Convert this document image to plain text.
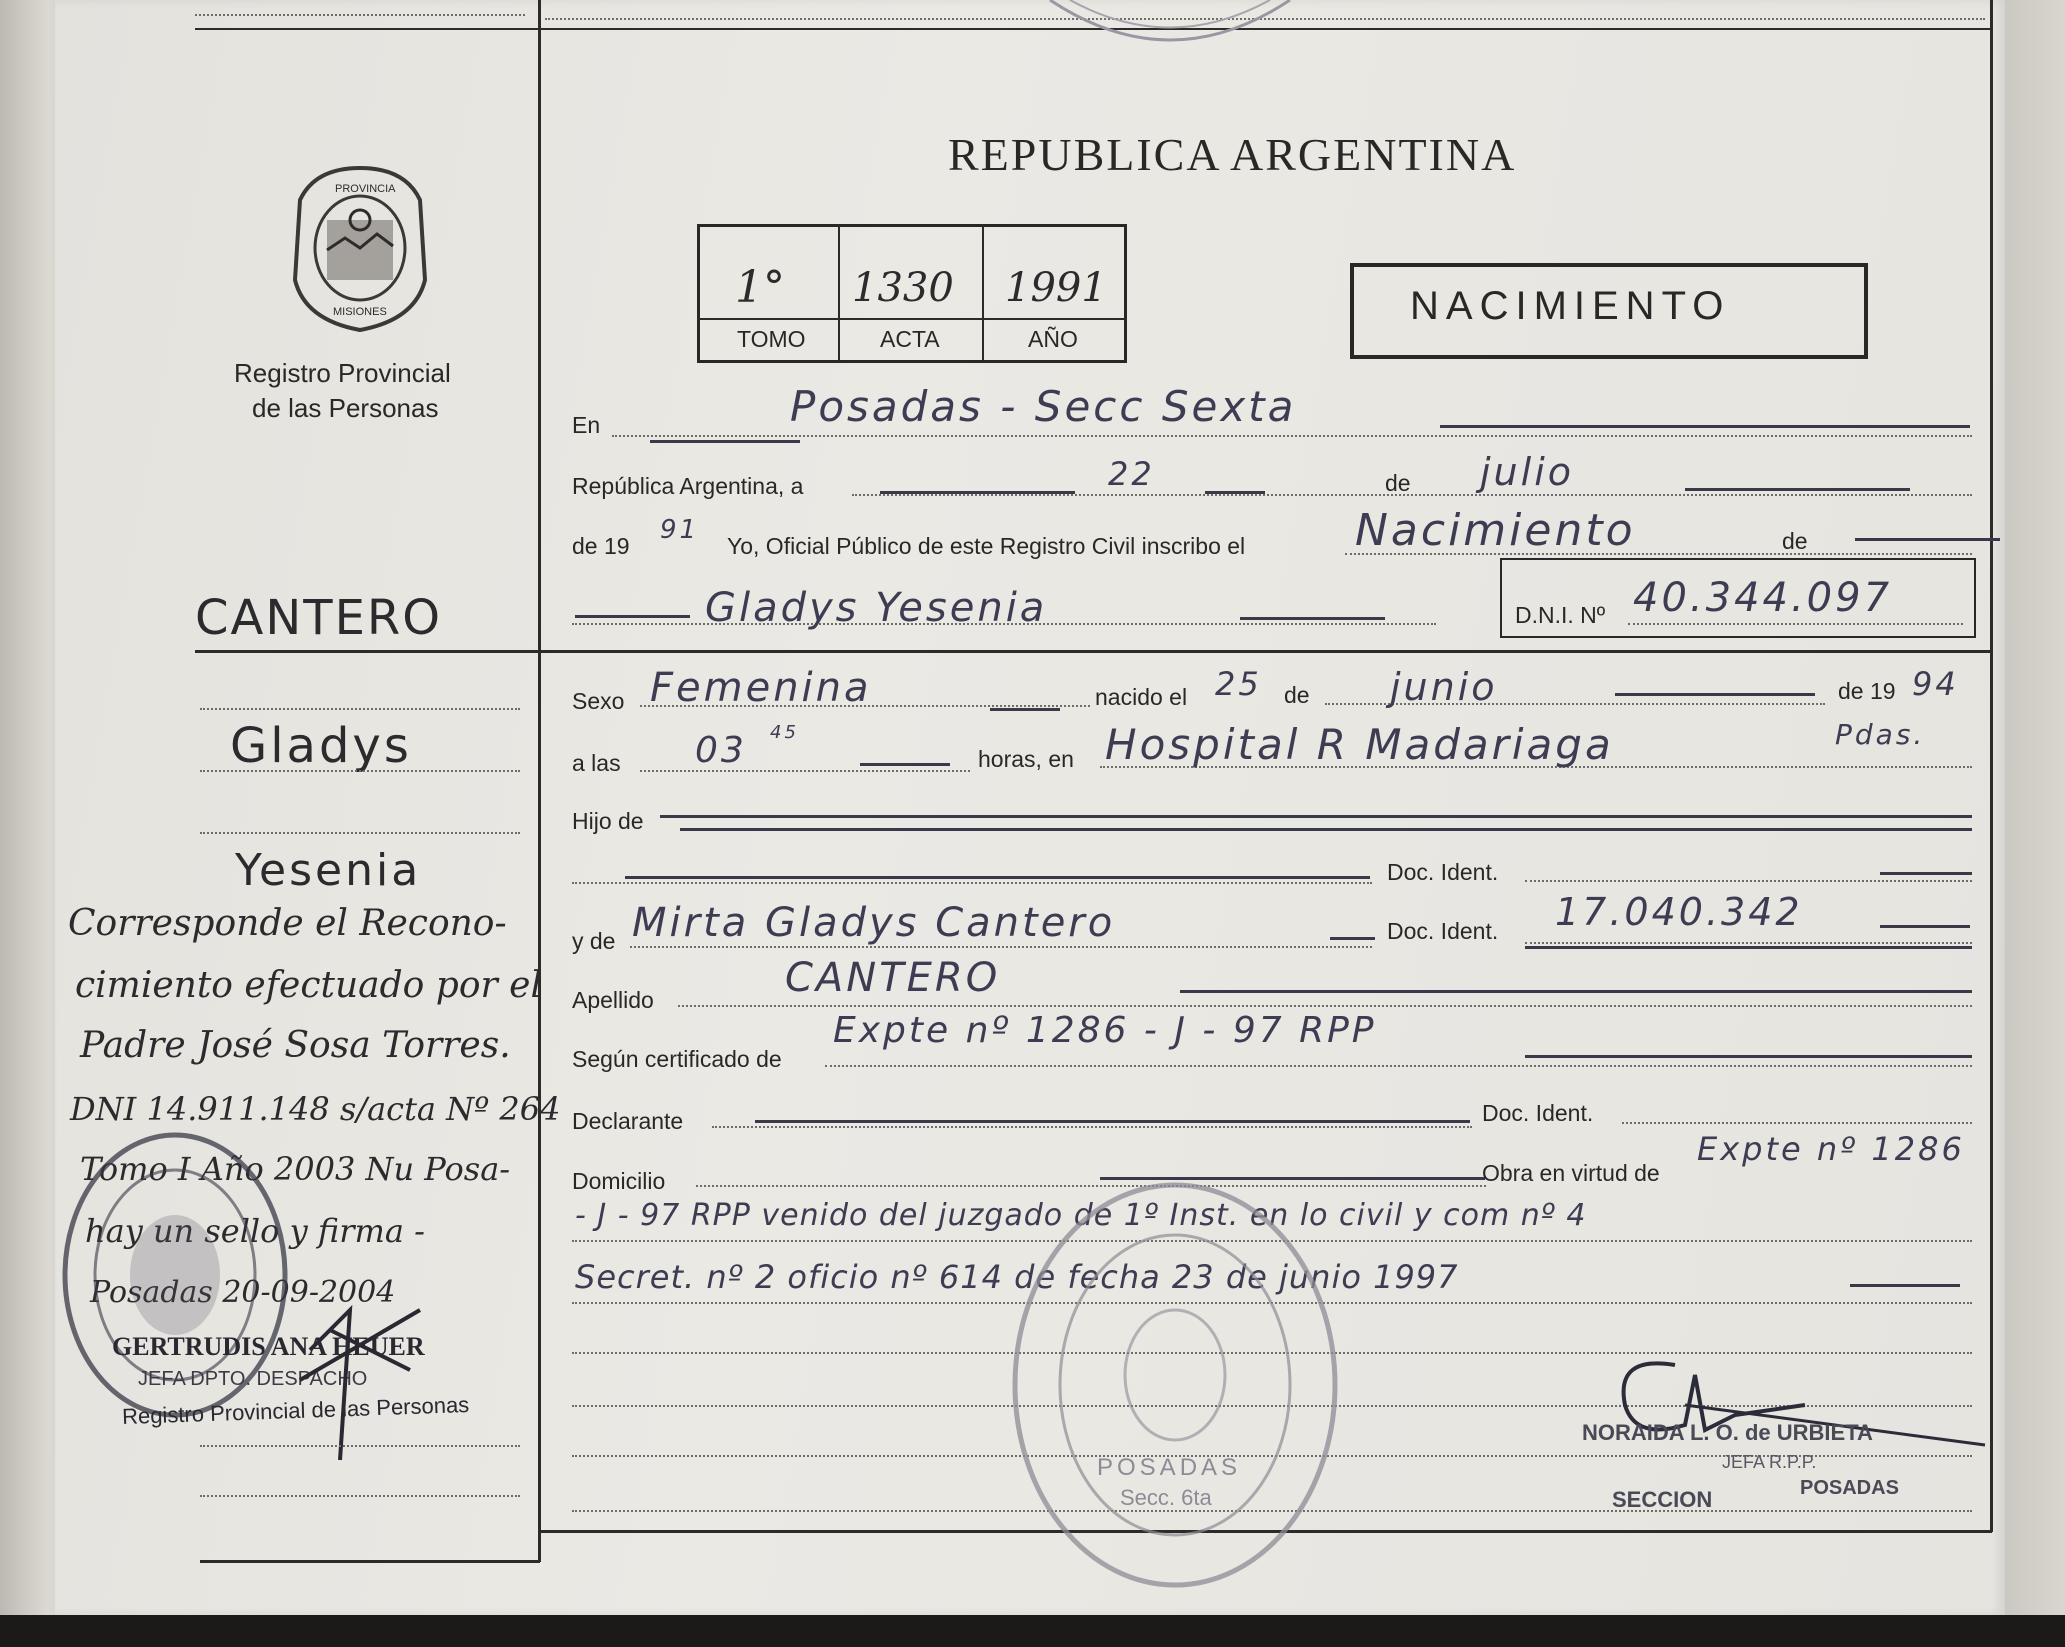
PROVINCIA
MISIONES
Registro Provincial
de las Personas
REPUBLICA ARGENTINA
1° 1330 1991
TOMO	ACTA	AÑO
NACIMIENTO
En	Posadas - Secc Sexta
República Argentina, a	22	de julio
de 19
91
Yo, Oficial Público de este Registro Civil inscribo el Nacimiento	de
Gladys Yesenia	D.N.I. Nº 40.344.097
Sexo Femenina	nacido el 25 de junio	de 19 94
a las 03 45
horas, en Hospital R Madariaga	Pdas.
Hijo de
Doc. Ident.
y de Mirta Gladys Cantero	Doc. Ident. 17.040.342
Apellido	CANTERO
Según certificado de
Expte nº 1286 - J - 97 RPP
Declarante	Doc. Ident.
Domicilio	Obra en virtud de
Expte nº 1286
- J - 97 RPP venido del juzgado de 1º Inst. en lo civil y com nº 4
Secret. nº 2 oficio nº 614 de fecha 23 de junio 1997
POSADAS
Secc. 6ta
NORAIDA L. O. de URBIETA
JEFA R.P.P.
SECCION	POSADAS
CANTERO
Gladys
Yesenia
Corresponde el Recono-
cimiento efectuado por el
Padre José Sosa Torres.
DNI 14.911.148 s/acta Nº 264
Tomo I Año 2003 Nu Posa-
hay un sello y firma -
Posadas 20-09-2004
GERTRUDIS ANA HEUER
JEFA DPTO. DESPACHO
Registro Provincial de las Personas
